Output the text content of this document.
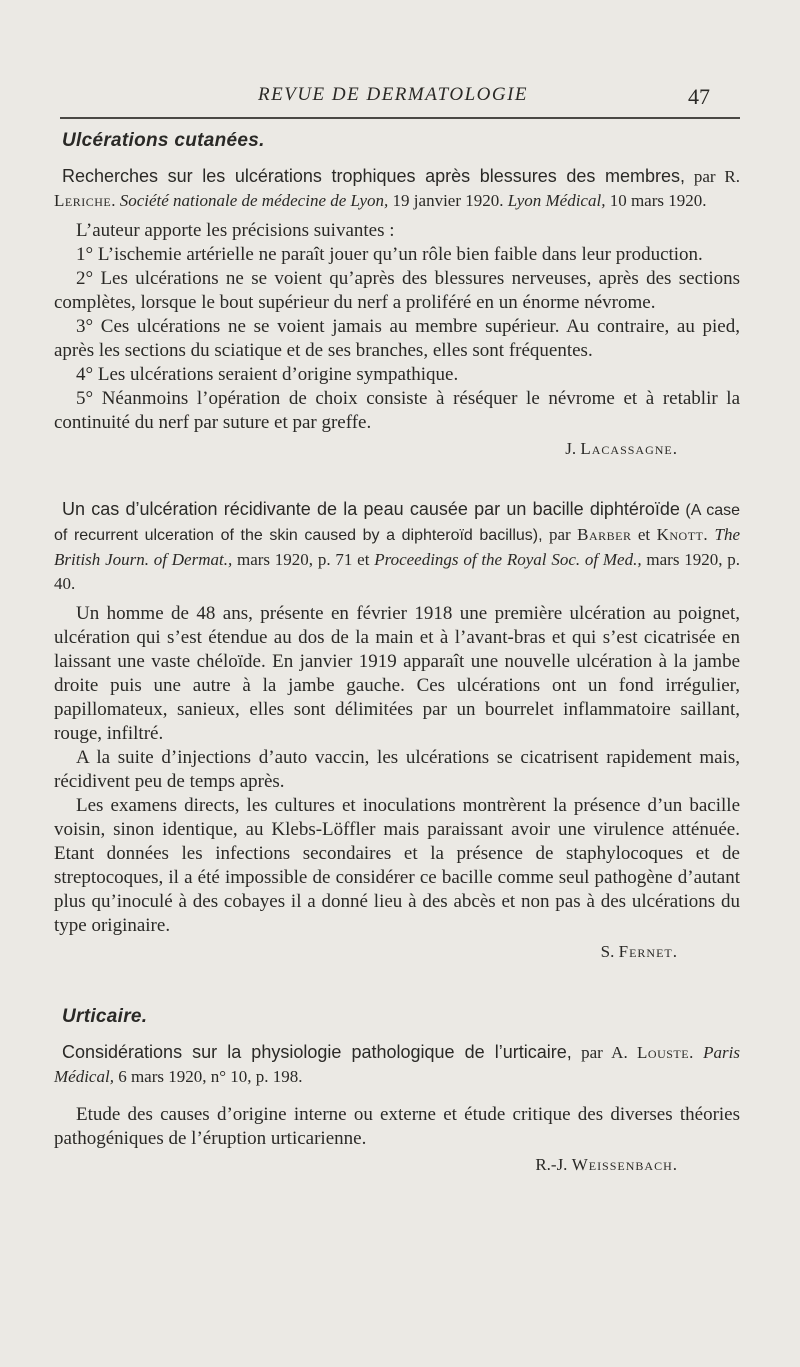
REVUE DE DERMATOLOGIE	47
Ulcérations cutanées.
Recherches sur les ulcérations trophiques après blessures des membres, par R. Leriche. Société nationale de médecine de Lyon, 19 janvier 1920. Lyon Médical, 10 mars 1920.

L’auteur apporte les précisions suivantes :

1° L’ischemie artérielle ne paraît jouer qu’un rôle bien faible dans leur production.

2° Les ulcérations ne se voient qu’après des blessures nerveuses, après des sections complètes, lorsque le bout supérieur du nerf a proliféré en un énorme névrome.

3° Ces ulcérations ne se voient jamais au membre supérieur. Au contraire, au pied, après les sections du sciatique et de ses branches, elles sont fréquentes.

4° Les ulcérations seraient d’origine sympathique.

5° Néanmoins l’opération de choix consiste à réséquer le névrome et à retablir la continuité du nerf par suture et par greffe.

J. Lacassagne.
Un cas d’ulcération récidivante de la peau causée par un bacille diphtéroïde (A case of recurrent ulceration of the skin caused by a diphteroïd bacillus), par Barber et Knott. The British Journ. of Dermat., mars 1920, p. 71 et Proceedings of the Royal Soc. of Med., mars 1920, p. 40.

Un homme de 48 ans, présente en février 1918 une première ulcération au poignet, ulcération qui s’est étendue au dos de la main et à l’avant-bras et qui s’est cicatrisée en laissant une vaste chéloïde. En janvier 1919 apparaît une nouvelle ulcération à la jambe droite puis une autre à la jambe gauche. Ces ulcérations ont un fond irrégulier, papillomateux, sanieux, elles sont délimitées par un bourrelet inflammatoire saillant, rouge, infiltré.

A la suite d’injections d’auto vaccin, les ulcérations se cicatrisent rapidement mais, récidivent peu de temps après.

Les examens directs, les cultures et inoculations montrèrent la présence d’un bacille voisin, sinon identique, au Klebs-Löffler mais paraissant avoir une virulence atténuée. Etant données les infections secondaires et la présence de staphylocoques et de streptocoques, il a été impossible de considérer ce bacille comme seul pathogène d’autant plus qu’inoculé à des cobayes il a donné lieu à des abcès et non pas à des ulcérations du type originaire.

S. Fernet.
Urticaire.
Considérations sur la physiologie pathologique de l’urticaire, par A. Louste. Paris Médical, 6 mars 1920, n° 10, p. 198.

Etude des causes d’origine interne ou externe et étude critique des diverses théories pathogéniques de l’éruption urticarienne.

R.-J. Weissenbach.
